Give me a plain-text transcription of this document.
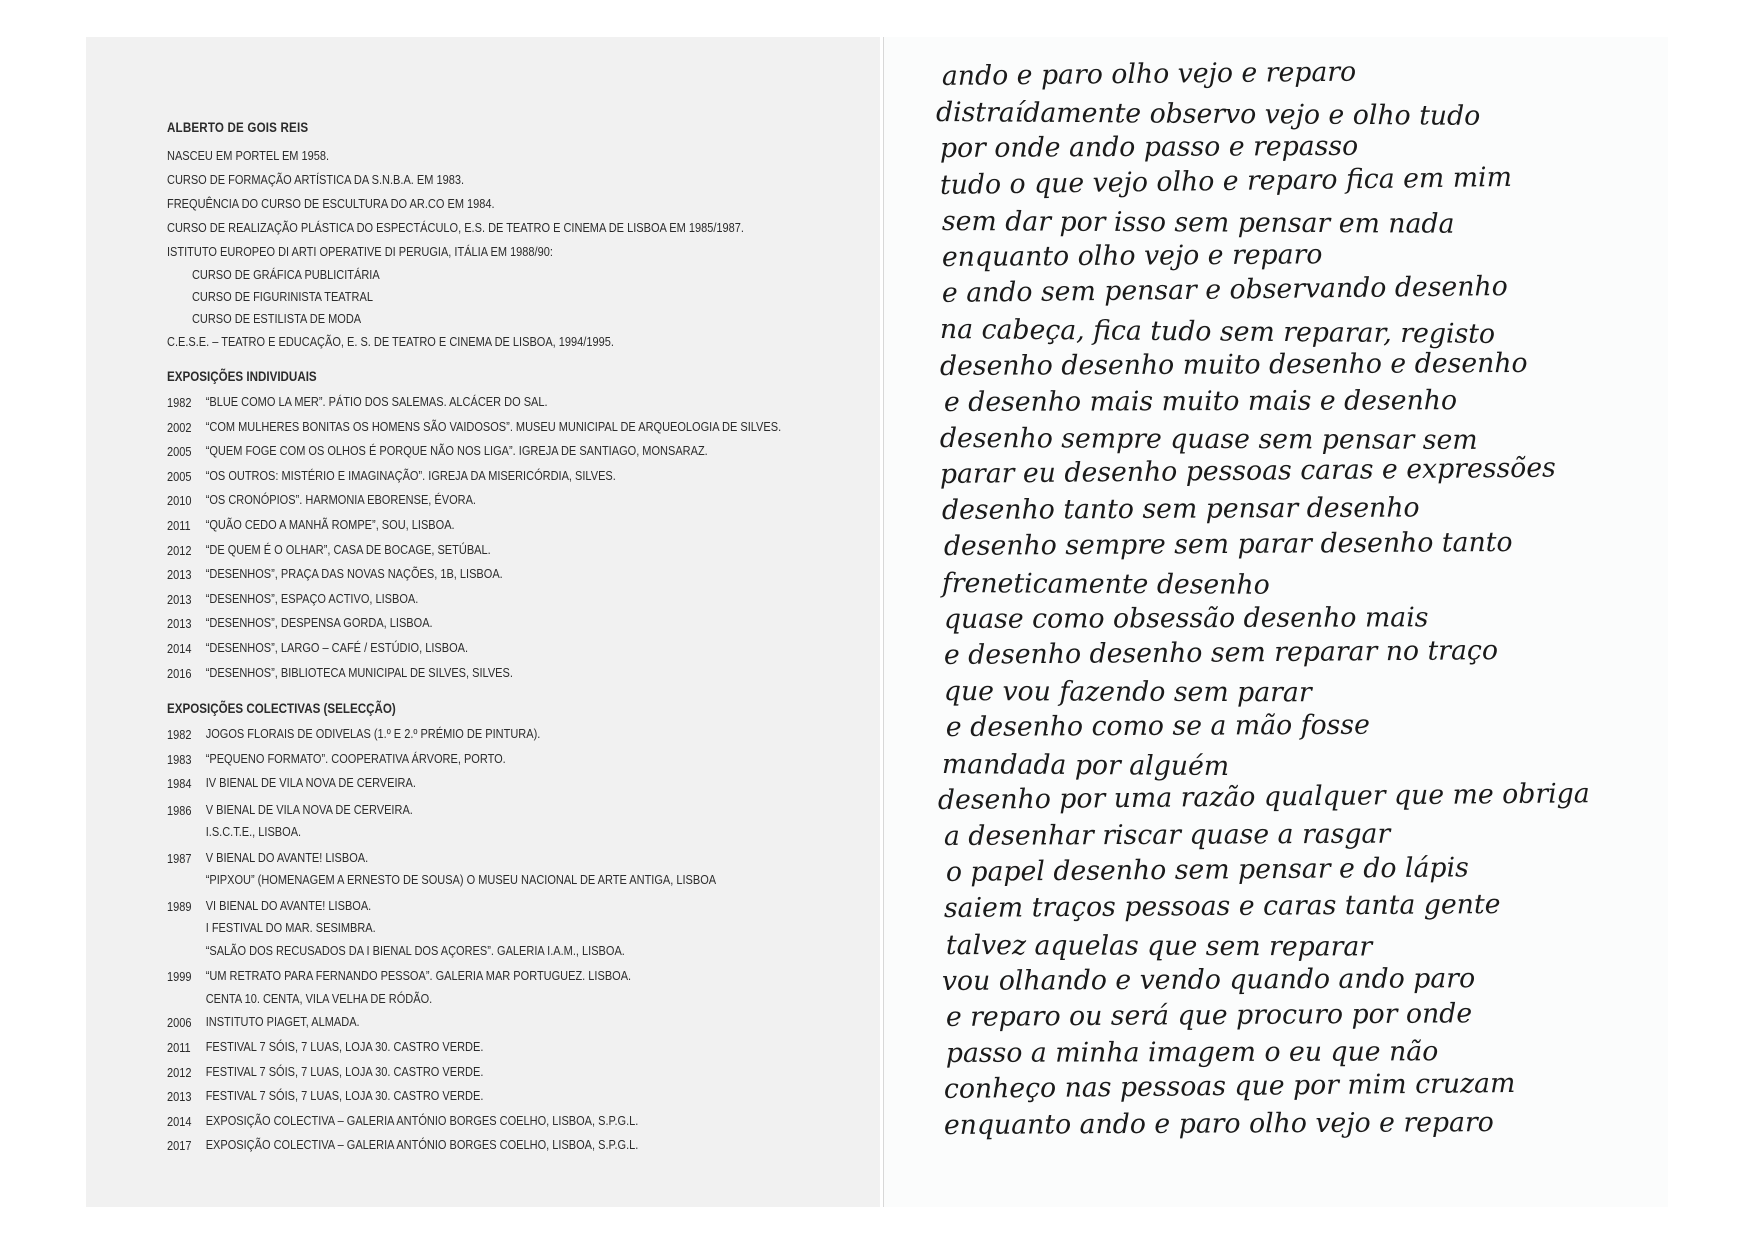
ALBERTO DE GOIS REIS
NASCEU EM PORTEL EM 1958.
CURSO DE FORMAÇÃO ARTÍSTICA DA S.N.B.A. EM 1983.
FREQUÊNCIA DO CURSO DE ESCULTURA DO AR.CO EM 1984.
CURSO DE REALIZAÇÃO PLÁSTICA DO ESPECTÁCULO, E.S. DE TEATRO E CINEMA DE LISBOA EM 1985/1987.
ISTITUTO EUROPEO DI ARTI OPERATIVE DI PERUGIA, ITÁLIA EM 1988/90:
CURSO DE GRÁFICA PUBLICITÁRIA
CURSO DE FIGURINISTA TEATRAL
CURSO DE ESTILISTA DE MODA
C.E.S.E. – TEATRO E EDUCAÇÃO, E. S. DE TEATRO E CINEMA DE LISBOA, 1994/1995.
EXPOSIÇÕES INDIVIDUAIS
1982	“BLUE COMO LA MER”. PÁTIO DOS SALEMAS. ALCÁCER DO SAL.
2002	“COM MULHERES BONITAS OS HOMENS SÃO VAIDOSOS”. MUSEU MUNICIPAL DE ARQUEOLOGIA DE SILVES.
2005	“QUEM FOGE COM OS OLHOS É PORQUE NÃO NOS LIGA”. IGREJA DE SANTIAGO, MONSARAZ.
2005	“OS OUTROS: MISTÉRIO E IMAGINAÇÃO”. IGREJA DA MISERICÓRDIA, SILVES.
2010	“OS CRONÓPIOS”. HARMONIA EBORENSE, ÉVORA.
2011	“QUÃO CEDO A MANHÃ ROMPE”, SOU, LISBOA.
2012	“DE QUEM É O OLHAR”, CASA DE BOCAGE, SETÚBAL.
2013	“DESENHOS”, PRAÇA DAS NOVAS NAÇÕES, 1B, LISBOA.
2013	“DESENHOS”, ESPAÇO ACTIVO, LISBOA.
2013	“DESENHOS”, DESPENSA GORDA, LISBOA.
2014	“DESENHOS”, LARGO – CAFÉ / ESTÚDIO, LISBOA.
2016	“DESENHOS”, BIBLIOTECA MUNICIPAL DE SILVES, SILVES.
EXPOSIÇÕES COLECTIVAS (SELECÇÃO)
1982	JOGOS FLORAIS DE ODIVELAS (1.º E 2.º PRÉMIO DE PINTURA).
1983	“PEQUENO FORMATO”. COOPERATIVA ÁRVORE, PORTO.
1984	IV BIENAL DE VILA NOVA DE CERVEIRA.
1986	V BIENAL DE VILA NOVA DE CERVEIRA.
I.S.C.T.E., LISBOA.
1987	V BIENAL DO AVANTE! LISBOA.
“PIPXOU” (HOMENAGEM A ERNESTO DE SOUSA) O MUSEU NACIONAL DE ARTE ANTIGA, LISBOA
1989	VI BIENAL DO AVANTE! LISBOA.
I FESTIVAL DO MAR. SESIMBRA.
“SALÃO DOS RECUSADOS DA I BIENAL DOS AÇORES”. GALERIA I.A.M., LISBOA.
1999	“UM RETRATO PARA FERNANDO PESSOA”. GALERIA MAR PORTUGUEZ. LISBOA.
CENTA 10. CENTA, VILA VELHA DE RÓDÃO.
2006	INSTITUTO PIAGET, ALMADA.
2011	FESTIVAL 7 SÓIS, 7 LUAS, LOJA 30. CASTRO VERDE.
2012	FESTIVAL 7 SÓIS, 7 LUAS, LOJA 30. CASTRO VERDE.
2013	FESTIVAL 7 SÓIS, 7 LUAS, LOJA 30. CASTRO VERDE.
2014	EXPOSIÇÃO COLECTIVA – GALERIA ANTÓNIO BORGES COELHO, LISBOA, S.P.G.L.
2017	EXPOSIÇÃO COLECTIVA – GALERIA ANTÓNIO BORGES COELHO, LISBOA, S.P.G.L.
ando e paro olho vejo e reparo
distraídamente observo vejo e olho tudo
por onde ando passo e repasso
tudo o que vejo olho e reparo fica em mim
sem dar por isso sem pensar em nada
enquanto olho vejo e reparo
e ando sem pensar e observando desenho
na cabeça, fica tudo sem reparar, registo
desenho desenho muito desenho e desenho
e desenho mais muito mais e desenho
desenho sempre quase sem pensar sem
parar eu desenho pessoas caras e expressões
desenho tanto sem pensar desenho
desenho sempre sem parar desenho tanto
freneticamente desenho
quase como obsessão desenho mais
e desenho desenho sem reparar no traço
que vou fazendo sem parar
e desenho como se a mão fosse
mandada por alguém
desenho por uma razão qualquer que me obriga
a desenhar riscar quase a rasgar
o papel desenho sem pensar e do lápis
saiem traços pessoas e caras tanta gente
talvez aquelas que sem reparar
vou olhando e vendo quando ando paro
e reparo ou será que procuro por onde
passo a minha imagem o eu que não
conheço nas pessoas que por mim cruzam
enquanto ando e paro olho vejo e reparo
